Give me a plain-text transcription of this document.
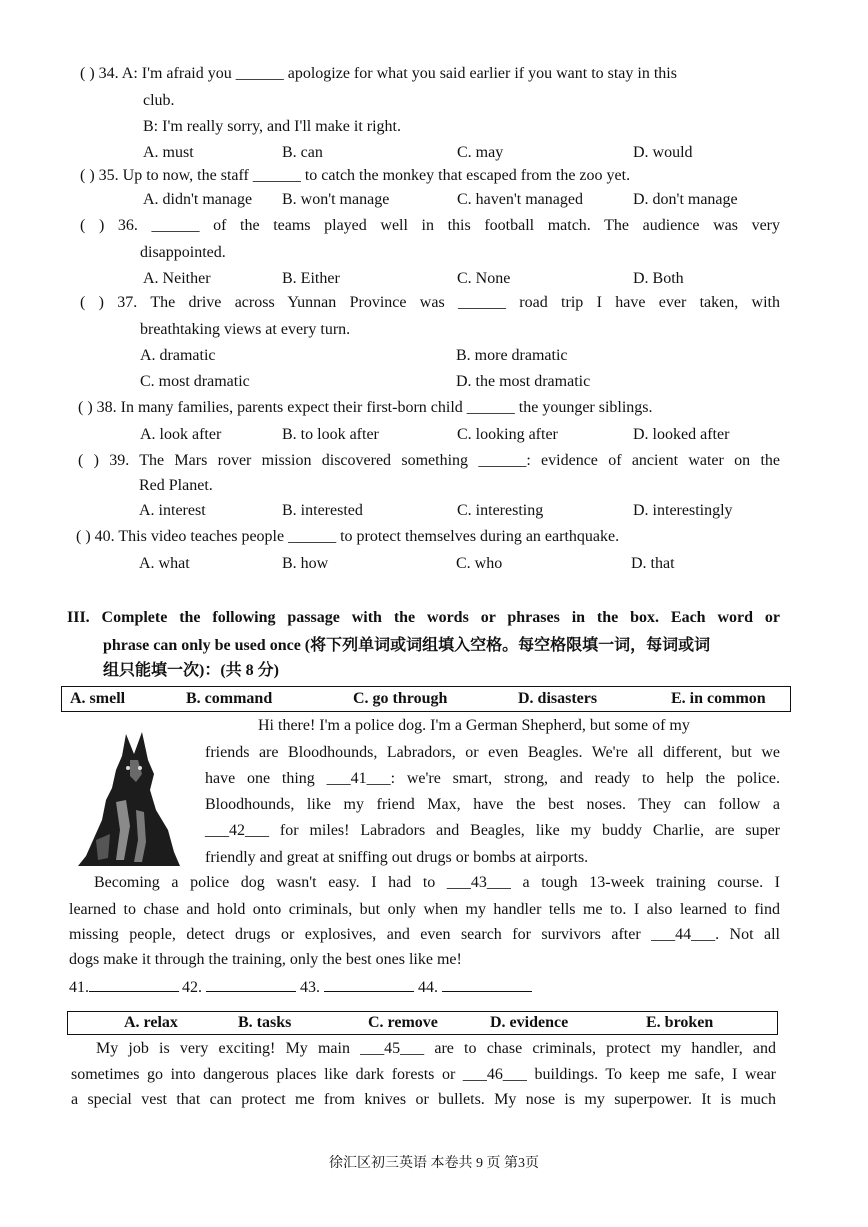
( ) 34. A: I'm afraid you ______ apologize for what you said earlier if you want to stay in this
club.
B: I'm really sorry, and I'll make it right.
A. must	B. can	C. may	D. would
( ) 35. Up to now, the staff ______ to catch the monkey that escaped from the zoo yet.
A. didn't manage B. won't manage	C. haven't managed	D. don't manage
( ) 36. ______ of the teams played well in this football match. The audience was very
disappointed.
A. Neither	B. Either	C. None	D. Both
( ) 37. The drive across Yunnan Province was ______ road trip I have ever taken, with
breathtaking views at every turn.
A. dramatic	B. more dramatic
C. most dramatic	D. the most dramatic
( ) 38. In many families, parents expect their first-born child ______ the younger siblings.
A. look after	B. to look after	C. looking after	D. looked after
( ) 39. The Mars rover mission discovered something ______: evidence of ancient water on the
Red Planet.
A. interest	B. interested	C. interesting	D. interestingly
( ) 40. This video teaches people ______ to protect themselves during an earthquake.
A. what	B. how	C. who	D. that
III. Complete the following passage with the words or phrases in the box. Each word or
phrase can only be used once (将下列单词或词组填入空格。每空格限填一词，每词或词
组只能填一次)：(共 8 分)
A. smell	B. command	C. go through	D. disasters	E. in common
Hi there! I'm a police dog. I'm a German Shepherd, but some of my
friends are Bloodhounds, Labradors, or even Beagles. We're all different, but we
have one thing ___41___: we're smart, strong, and ready to help the police.
Bloodhounds, like my friend Max, have the best noses. They can follow a
___42___ for miles! Labradors and Beagles, like my buddy Charlie, are super
friendly and great at sniffing out drugs or bombs at airports.
Becoming a police dog wasn't easy. I had to ___43___ a tough 13-week training course. I
learned to chase and hold onto criminals, but only when my handler tells me to. I also learned to find
missing people, detect drugs or explosives, and even search for survivors after ___44___. Not all
dogs make it through the training, only the best ones like me!
41.	42.	43.	44.
A. relax	B. tasks	C. remove	D. evidence	E. broken
My job is very exciting! My main ___45___ are to chase criminals, protect my handler, and
sometimes go into dangerous places like dark forests or ___46___ buildings. To keep me safe, I wear
a special vest that can protect me from knives or bullets. My nose is my superpower. It is much
徐汇区初三英语 本卷共 9 页 第3页
